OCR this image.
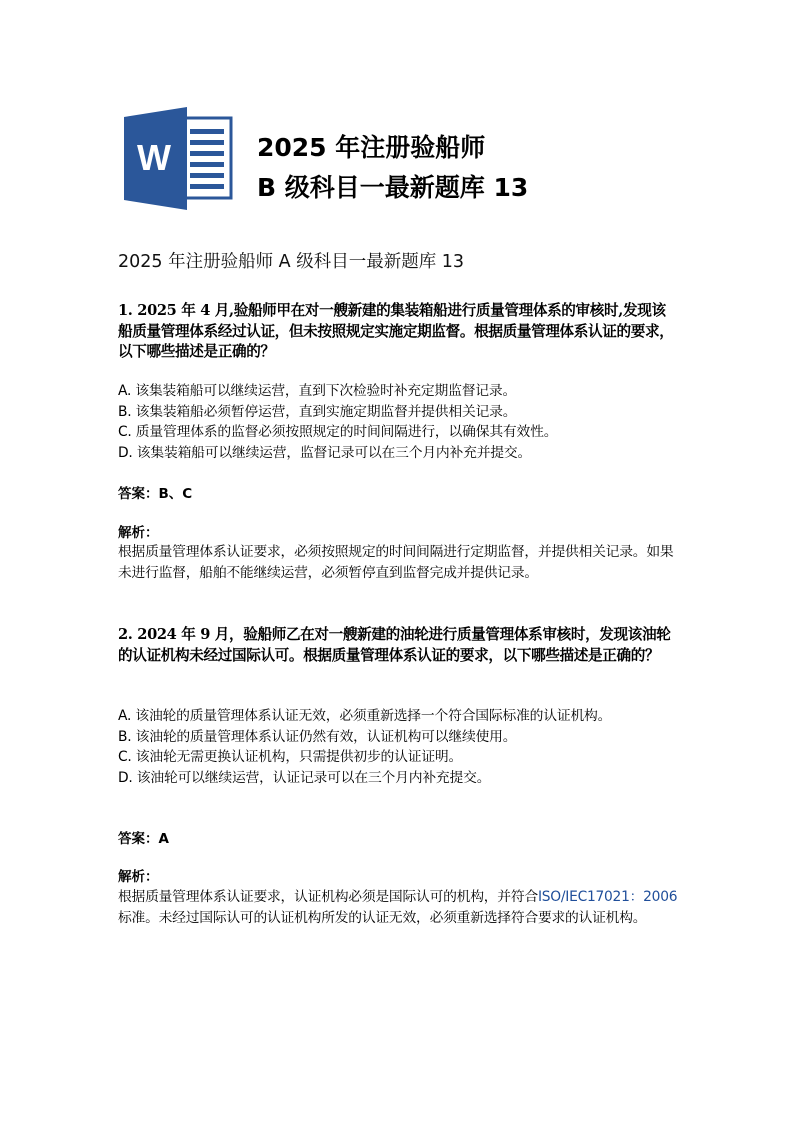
W	2025 年注册验船师
B 级科目一最新题库 13
2025 年注册验船师 A 级科目一最新题库 13
1. 2025 年 4 月,验船师甲在对一艘新建的集装箱船进行质量管理体系的审核时,发现该船质量管理体系经过认证，但未按照规定实施定期监督。根据质量管理体系认证的要求，以下哪些描述是正确的？
A. 该集装箱船可以继续运营，直到下次检验时补充定期监督记录。
B. 该集装箱船必须暂停运营，直到实施定期监督并提供相关记录。
C. 质量管理体系的监督必须按照规定的时间间隔进行，以确保其有效性。
D. 该集装箱船可以继续运营，监督记录可以在三个月内补充并提交。
答案：B、C
解析：
根据质量管理体系认证要求，必须按照规定的时间间隔进行定期监督，并提供相关记录。如果未进行监督，船舶不能继续运营，必须暂停直到监督完成并提供记录。
2. 2024 年 9 月，验船师乙在对一艘新建的油轮进行质量管理体系审核时，发现该油轮的认证机构未经过国际认可。根据质量管理体系认证的要求，以下哪些描述是正确的？
A. 该油轮的质量管理体系认证无效，必须重新选择一个符合国际标准的认证机构。
B. 该油轮的质量管理体系认证仍然有效，认证机构可以继续使用。
C. 该油轮无需更换认证机构，只需提供初步的认证证明。
D. 该油轮可以继续运营，认证记录可以在三个月内补充提交。
答案：A
解析：
根据质量管理体系认证要求，认证机构必须是国际认可的机构，并符合ISO/IEC17021：2006 标准。未经过国际认可的认证机构所发的认证无效，必须重新选择符合要求的认证机构。
